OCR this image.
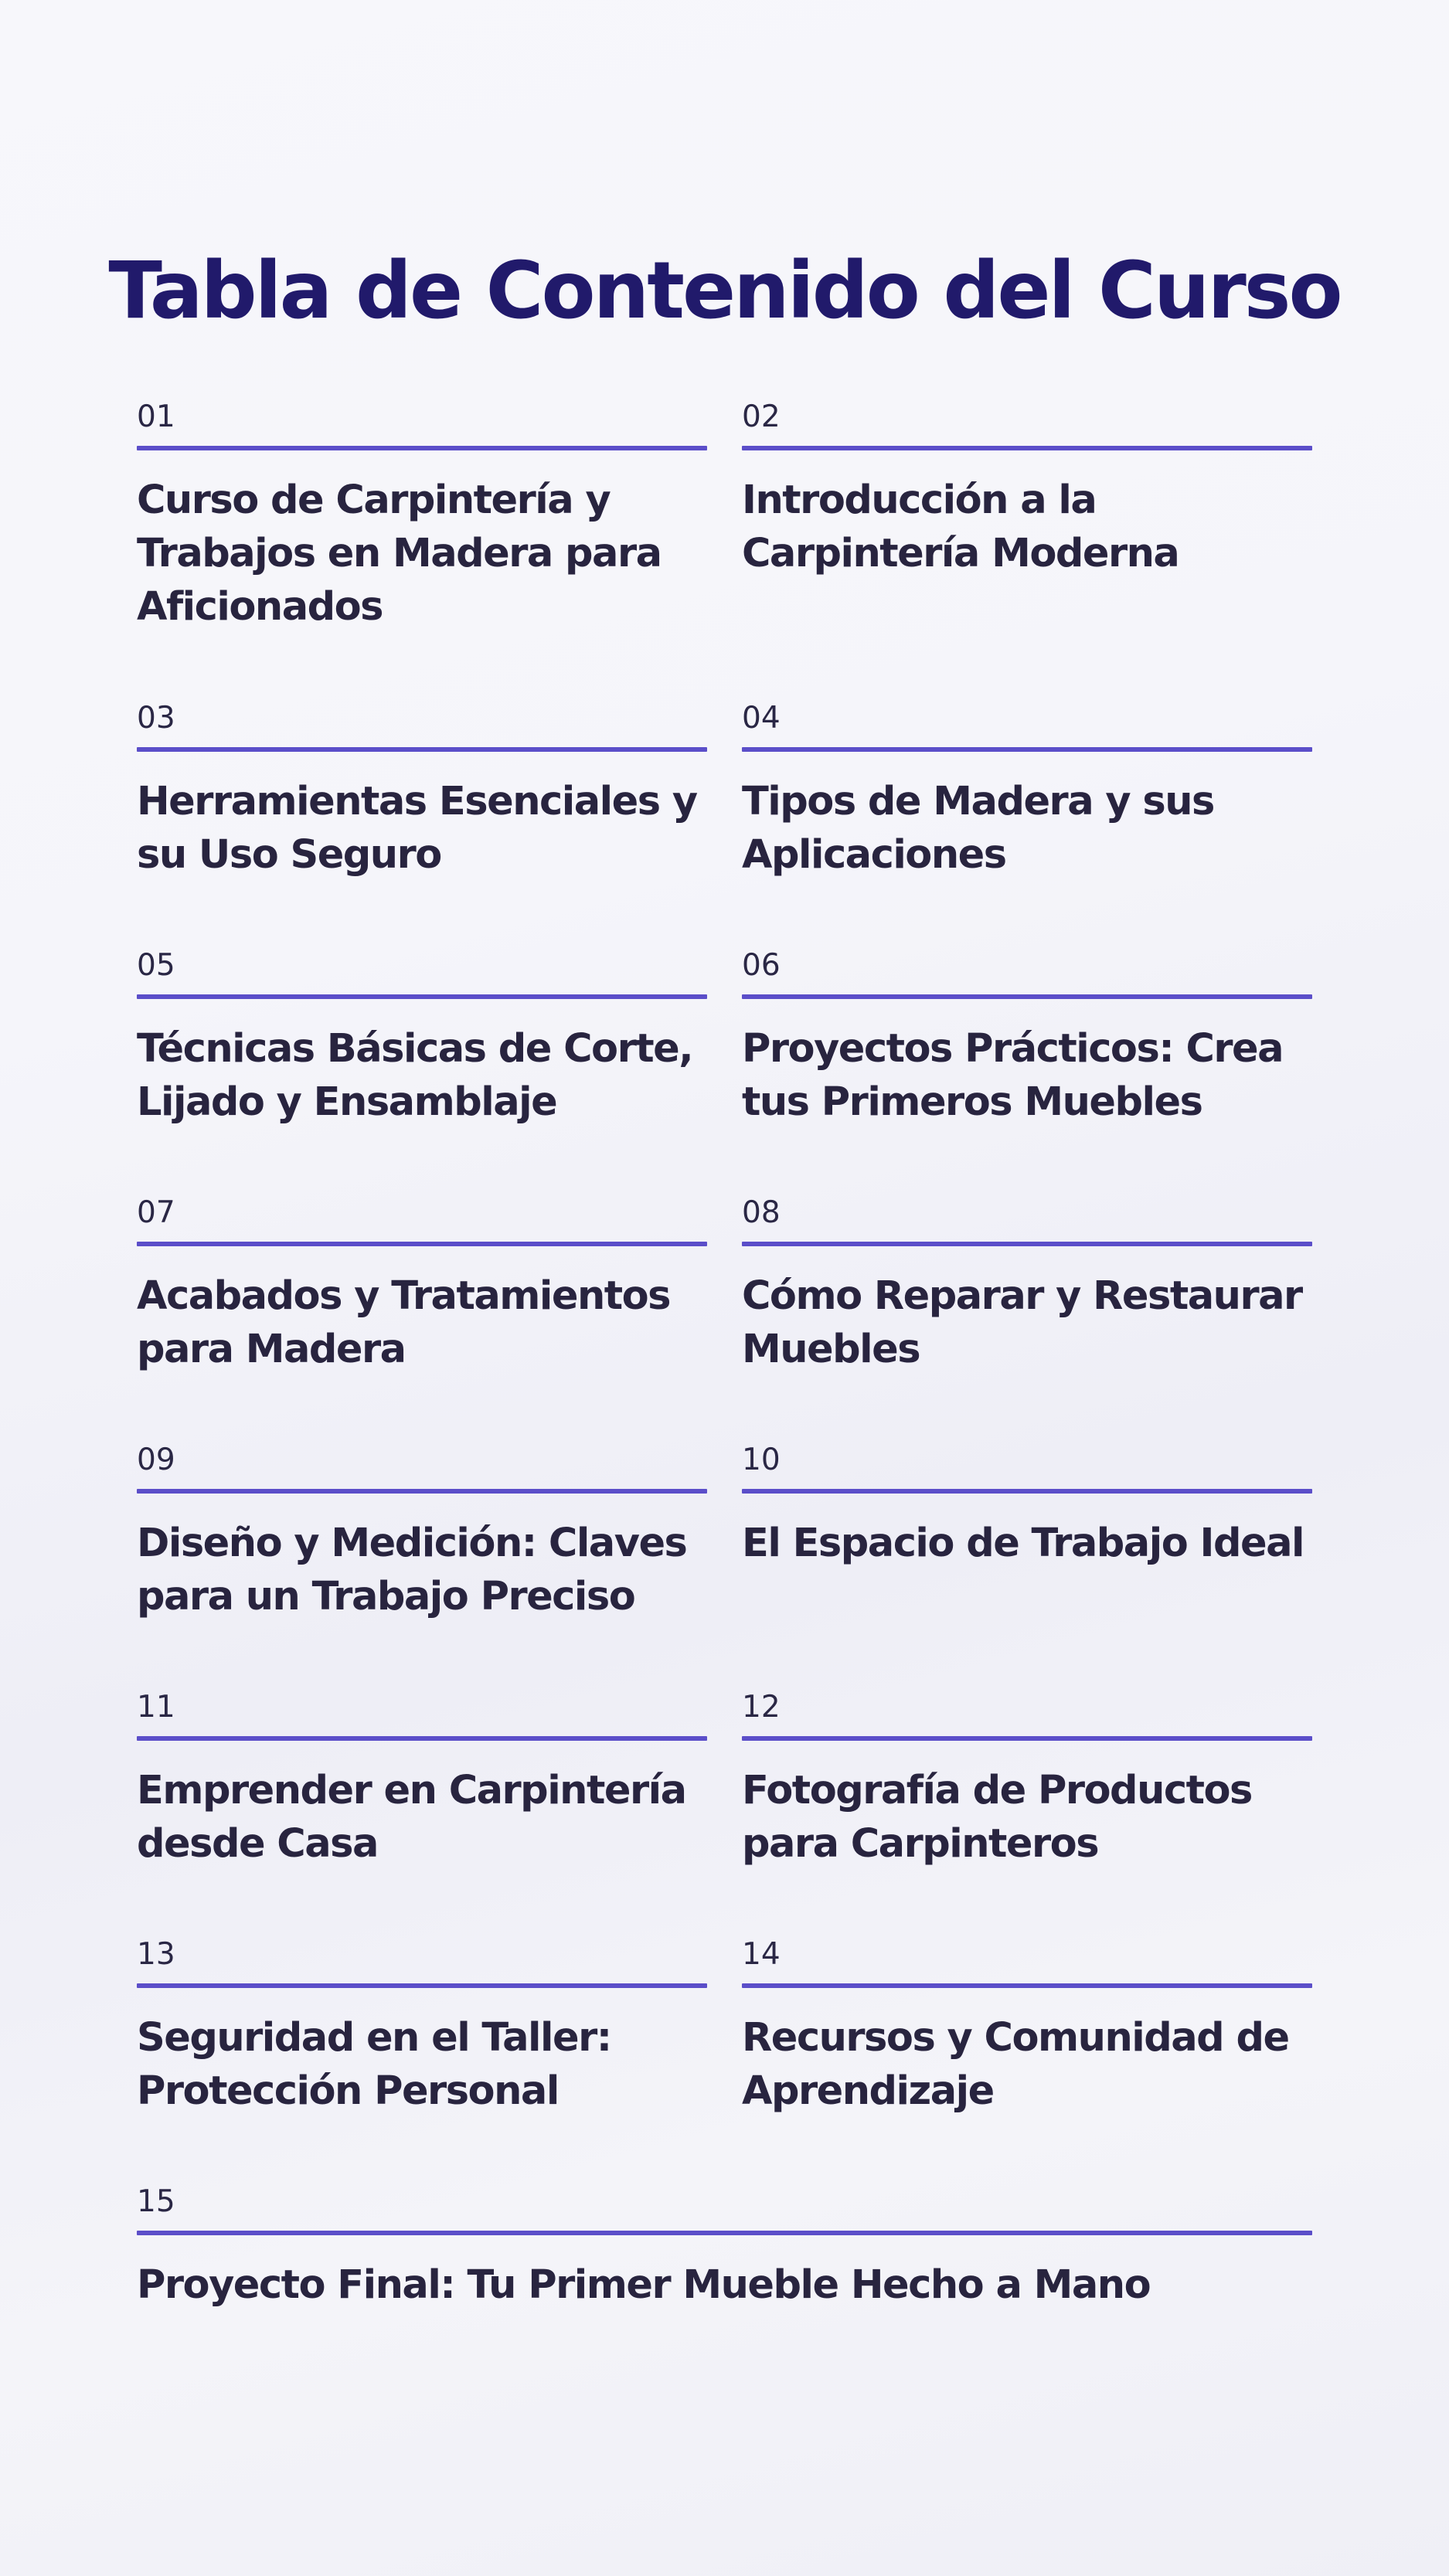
Tabla de Contenido del Curso
01
Curso de Carpintería y Trabajos en Madera para Aficionados
02
Introducción a la Carpintería Moderna
03
Herramientas Esenciales y su Uso Seguro
04
Tipos de Madera y sus Aplicaciones
05
Técnicas Básicas de Corte, Lijado y Ensamblaje
06
Proyectos Prácticos: Crea tus Primeros Muebles
07
Acabados y Tratamientos para Madera
08
Cómo Reparar y Restaurar Muebles
09
Diseño y Medición: Claves para un Trabajo Preciso
10
El Espacio de Trabajo Ideal
11
Emprender en Carpintería desde Casa
12
Fotografía de Productos para Carpinteros
13
Seguridad en el Taller: Protección Personal
14
Recursos y Comunidad de Aprendizaje
15
Proyecto Final: Tu Primer Mueble Hecho a Mano
